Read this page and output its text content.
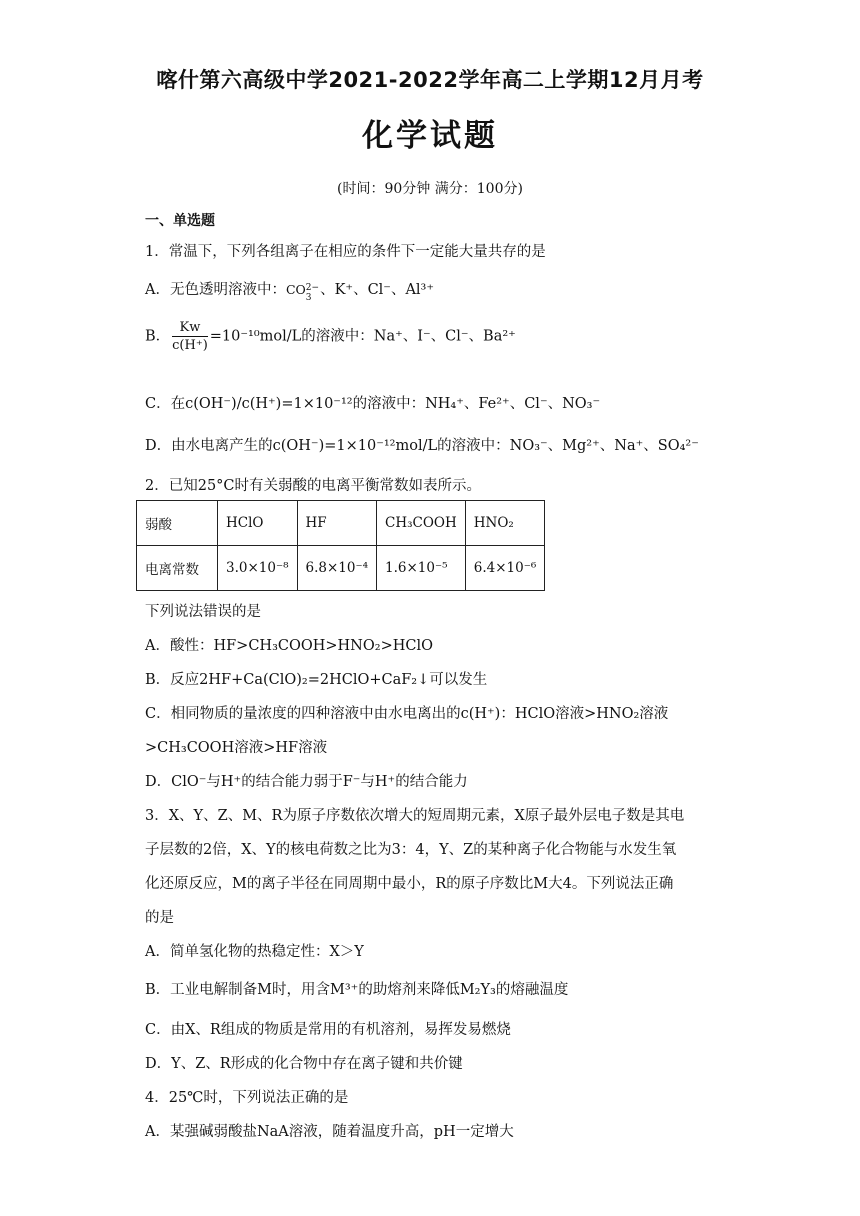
喀什第六高级中学2021-2022学年高二上学期12月月考
化学试题
(时间：90分钟 满分：100分)
一、单选题
1．常温下，下列各组离子在相应的条件下一定能大量共存的是
A．无色透明溶液中：CO 2−
3 、K⁺、Cl⁻、Al³⁺
B． $\frac{Kw}{c(H^+)} =10^{-10}mol/L$的溶液中：Na⁺、I⁻、Cl⁻、Ba²⁺
C．在c(OH⁻)/c(H⁺)=1×10⁻¹²的溶液中：NH₄⁺、Fe²⁺、Cl⁻、NO₃⁻
D．由水电离产生的c(OH⁻)=1×10⁻¹²mol/L的溶液中：NO₃⁻、Mg²⁺、Na⁺、SO₄²⁻
2．已知25°C时有关弱酸的电离平衡常数如表所示。
弱酸	HClO	HF	CH₃COOH	HNO₂
电离常数	3.0×10⁻⁸	6.8×10⁻⁴	1.6×10⁻⁵	6.4×10⁻⁶
下列说法错误的是
A．酸性：HF>CH₃COOH>HNO₂>HClO
B．反应2HF+Ca(ClO)₂=2HClO+CaF₂↓可以发生
C．相同物质的量浓度的四种溶液中由水电离出的c(H⁺)：HClO溶液>HNO₂溶液
>CH₃COOH溶液>HF溶液
D．ClO⁻与H⁺的结合能力弱于F⁻与H⁺的结合能力
3．X、Y、Z、M、R为原子序数依次增大的短周期元素，X原子最外层电子数是其电
子层数的2倍，X、Y的核电荷数之比为3：4，Y、Z的某种离子化合物能与水发生氧
化还原反应，M的离子半径在同周期中最小，R的原子序数比M大4。下列说法正确
的是
A．简单氢化物的热稳定性：X＞Y
B．工业电解制备M时，用含M³⁺的助熔剂来降低M₂Y₃的熔融温度
C．由X、R组成的物质是常用的有机溶剂，易挥发易燃烧
D．Y、Z、R形成的化合物中存在离子键和共价键
4．25℃时，下列说法正确的是
A．某强碱弱酸盐NaA溶液，随着温度升高，pH一定增大
